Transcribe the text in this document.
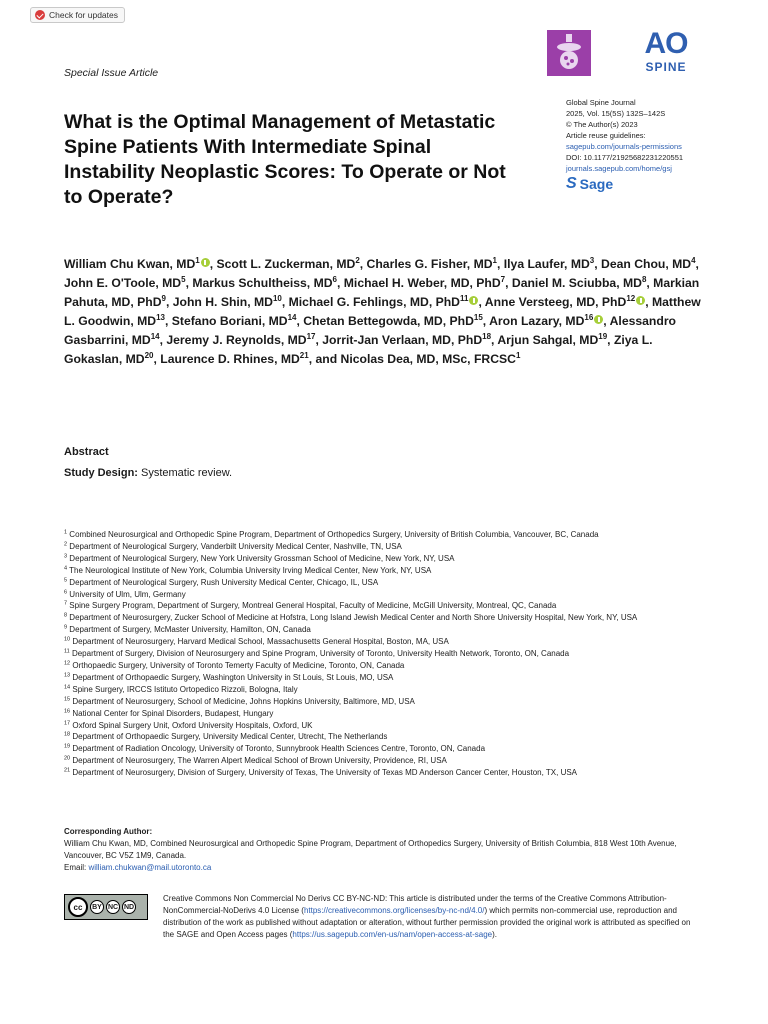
Check for updates
Special Issue Article
AO
SPINE
What is the Optimal Management of Metastatic Spine Patients With Intermediate Spinal Instability Neoplastic Scores: To Operate or Not to Operate?
Global Spine Journal
2025, Vol. 15(5S) 132S–142S
© The Author(s) 2023
Article reuse guidelines:
sagepub.com/journals-permissions
DOI: 10.1177/21925682231220551
journals.sagepub.com/home/gsj
S Sage
William Chu Kwan, $MD^1$ , Scott L. Zuckerman, $MD^2$, Charles G. Fisher, $MD^1$, Ilya Laufer, $MD^3$, Dean Chou, $MD^4$, John E. O'Toole, $MD^5$, Markus Schultheiss, $MD^6$, Michael H. Weber, MD, PhD$^7$, Daniel M. Sciubba, $MD^8$, Markian Pahuta, MD, PhD$^9$, John H. Shin, MD$^{10}$, Michael G. Fehlings, MD, PhD$^{11}$ , Anne Versteeg, MD, PhD$^{12}$ , Matthew L. Goodwin, MD$^{13}$, Stefano Boriani, MD$^{14}$, Chetan Bettegowda, MD, PhD$^{15}$, Aron Lazary, MD$^{16}$ , Alessandro Gasbarrini, MD$^{14}$, Jeremy J. Reynolds, MD$^{17}$, Jorrit-Jan Verlaan, MD, PhD$^{18}$, Arjun Sahgal, MD$^{19}$, Ziya L. Gokaslan, MD$^{20}$, Laurence D. Rhines, MD$^{21}$, and Nicolas Dea, MD, MSc, FRCSC$^1$
Abstract
Study Design: Systematic review.
$^1$ Combined Neurosurgical and Orthopedic Spine Program, Department of Orthopedics Surgery, University of British Columbia, Vancouver, BC, Canada
$^2$ Department of Neurological Surgery, Vanderbilt University Medical Center, Nashville, TN, USA
$^3$ Department of Neurological Surgery, New York University Grossman School of Medicine, New York, NY, USA
$^4$ The Neurological Institute of New York, Columbia University Irving Medical Center, New York, NY, USA
$^5$ Department of Neurological Surgery, Rush University Medical Center, Chicago, IL, USA
$^6$ University of Ulm, Ulm, Germany
$^7$ Spine Surgery Program, Department of Surgery, Montreal General Hospital, Faculty of Medicine, McGill University, Montreal, QC, Canada
$^8$ Department of Neurosurgery, Zucker School of Medicine at Hofstra, Long Island Jewish Medical Center and North Shore University Hospital, New York, NY, USA
$^9$ Department of Surgery, McMaster University, Hamilton, ON, Canada
$^{10}$ Department of Neurosurgery, Harvard Medical School, Massachusetts General Hospital, Boston, MA, USA
$^{11}$ Department of Surgery, Division of Neurosurgery and Spine Program, University of Toronto, University Health Network, Toronto, ON, Canada
$^{12}$ Orthopaedic Surgery, University of Toronto Temerty Faculty of Medicine, Toronto, ON, Canada
$^{13}$ Department of Orthopaedic Surgery, Washington University in St Louis, St Louis, MO, USA
$^{14}$ Spine Surgery, IRCCS Istituto Ortopedico Rizzoli, Bologna, Italy
$^{15}$ Department of Neurosurgery, School of Medicine, Johns Hopkins University, Baltimore, MD, USA
$^{16}$ National Center for Spinal Disorders, Budapest, Hungary
$^{17}$ Oxford Spinal Surgery Unit, Oxford University Hospitals, Oxford, UK
$^{18}$ Department of Orthopaedic Surgery, University Medical Center, Utrecht, The Netherlands
$^{19}$ Department of Radiation Oncology, University of Toronto, Sunnybrook Health Sciences Centre, Toronto, ON, Canada
$^{20}$ Department of Neurosurgery, The Warren Alpert Medical School of Brown University, Providence, RI, USA
$^{21}$ Department of Neurosurgery, Division of Surgery, University of Texas, The University of Texas MD Anderson Cancer Center, Houston, TX, USA
Corresponding Author:
William Chu Kwan, MD, Combined Neurosurgical and Orthopedic Spine Program, Department of Orthopedics Surgery, University of British Columbia, 818 West 10th Avenue, Vancouver, BC V5Z 1M9, Canada.
Email: william.chukwan@mail.utoronto.ca
cc	BY NC ND
Creative Commons Non Commercial No Derivs CC BY-NC-ND: This article is distributed under the terms of the Creative Commons Attribution-NonCommercial-NoDerivs 4.0 License (https://creativecommons.org/licenses/by-nc-nd/4.0/) which permits non-commercial use, reproduction and distribution of the work as published without adaptation or alteration, without further permission provided the original work is attributed as specified on the SAGE and Open Access pages (https://us.sagepub.com/en-us/nam/open-access-at-sage).
